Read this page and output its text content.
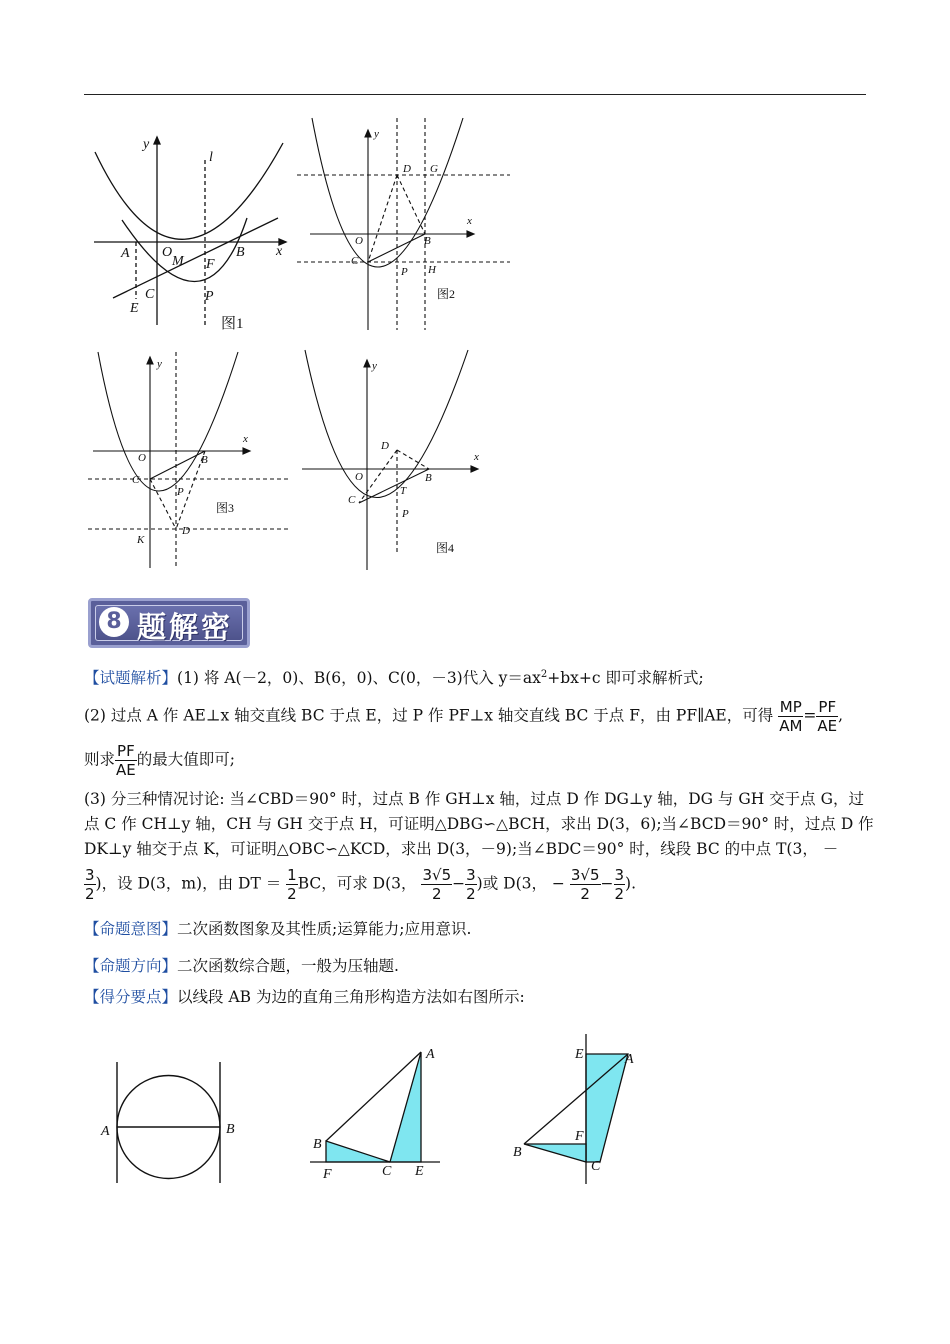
y
x
l
A O
M
B
F
C	P
E
图1
y
x
D G
O	B
C
P H
图2
y
x
O	B
C
P
K
D
图3
y
x
D
O	B
C
T
P
图4
8 题解密
【试题解析】(1) 将 A(－2，0)、B(6，0)、C(0，－3)代入 $y=ax^2+bx+c$ 即可求解析式;
(2) 过点 A 作 AE⊥x 轴交直线 BC 于点 E，过 P 作 PF⊥x 轴交直线 BC 于点 F，由 PF∥AE，可得 $\frac{MP}{AM} = \frac{PF}{AE}$ ,
则求 $\frac{PF}{AE}$ 的最大值即可;
(3) 分三种情况讨论: 当∠CBD＝90° 时，过点 B 作 GH⊥x 轴，过点 D 作 DG⊥y 轴，DG 与 GH 交于点 G，过
点 C 作 CH⊥y 轴，CH 与 GH 交于点 H，可证明△DBG∽△BCH，求出 D(3，6);当∠BCD＝90° 时，过点 D 作
DK⊥y 轴交于点 K，可证明△OBC∽△KCD，求出 D(3，－9);当∠BDC＝90° 时，线段 BC 的中点 T(3， －
$\frac{3}{2}$ )，设 D(3，m)，由 DT ＝ $\frac{1}{2}$ BC，可求 D(3， $\frac{3√5}{2} - \frac{3}{2}$ )或 D(3， − $\frac{3√5}{2} - \frac{3}{2}$ ).
【命题意图】二次函数图象及其性质;运算能力;应用意识.
【命题方向】二次函数综合题，一般为压轴题.
【得分要点】以线段 AB 为边的直角三角形构造方法如右图所示:
A	B
A
B
F	C E
E	A
F
B
C
